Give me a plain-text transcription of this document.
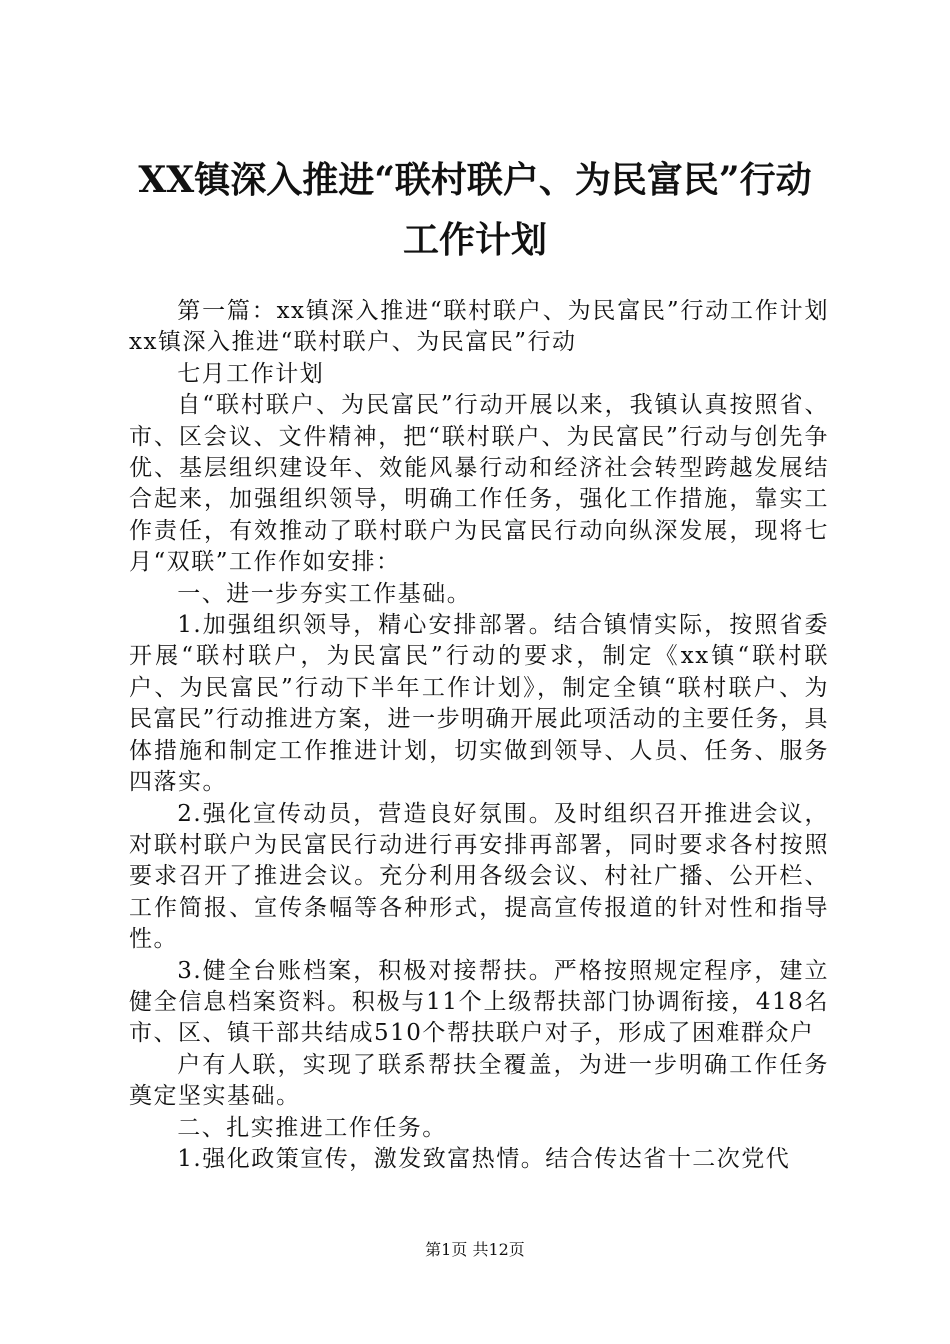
XX镇深入推进“联村联户、为民富民”行动
工作计划

第一篇：xx镇深入推进“联村联户、为民富民”行动工作计划xx镇深入推进“联村联户、为民富民”行动

七月工作计划

自“联村联户、为民富民”行动开展以来，我镇认真按照省、市、区会议、文件精神，把“联村联户、为民富民”行动与创先争优、基层组织建设年、效能风暴行动和经济社会转型跨越发展结合起来，加强组织领导，明确工作任务，强化工作措施，靠实工作责任，有效推动了联村联户为民富民行动向纵深发展，现将七月“双联”工作作如安排：

一、进一步夯实工作基础。

1.加强组织领导，精心安排部署。结合镇情实际，按照省委开展“联村联户，为民富民”行动的要求，制定《xx镇“联村联户、为民富民”行动下半年工作计划》，制定全镇“联村联户、为民富民”行动推进方案，进一步明确开展此项活动的主要任务，具体措施和制定工作推进计划，切实做到领导、人员、任务、服务四落实。

2.强化宣传动员，营造良好氛围。及时组织召开推进会议，对联村联户为民富民行动进行再安排再部署，同时要求各村按照要求召开了推进会议。充分利用各级会议、村社广播、公开栏、工作简报、宣传条幅等各种形式，提高宣传报道的针对性和指导性。

3.健全台账档案，积极对接帮扶。严格按照规定程序，建立健全信息档案资料。积极与11个上级帮扶部门协调衔接，418名市、区、镇干部共结成510个帮扶联户对子，形成了困难群众户

户有人联，实现了联系帮扶全覆盖，为进一步明确工作任务奠定坚实基础。

二、扎实推进工作任务。

1.强化政策宣传，激发致富热情。结合传达省十二次党代

第1页 共12页
